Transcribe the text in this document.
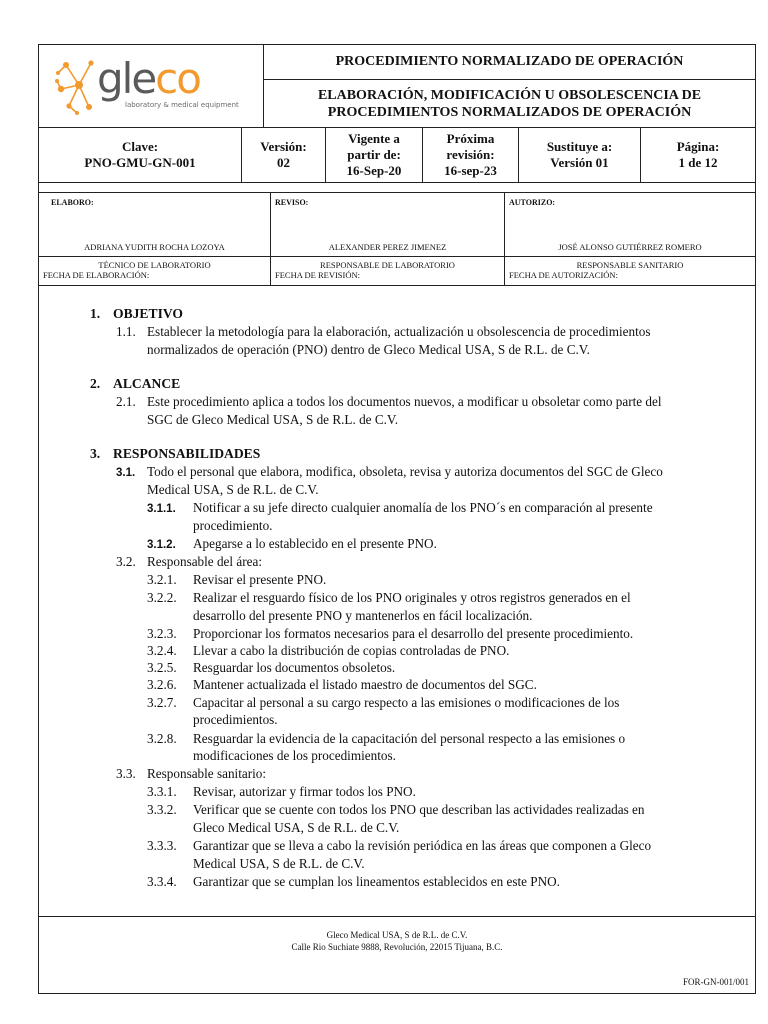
gleco
laboratory & medical equipment
PROCEDIMIENTO NORMALIZADO DE OPERACIÓN
ELABORACIÓN, MODIFICACIÓN U OBSOLESCENCIA DE
PROCEDIMIENTOS NORMALIZADOS DE OPERACIÓN
Clave:
PNO-GMU-GN-001
Versión:
02
Vigente a
partir de:
16-Sep-20
Próxima
revisión:
16-sep-23
Sustituye a:
Versión 01
Página:
1 de 12
ELABORO:
ADRIANA YUDITH ROCHA LOZOYA
REVISO:
ALEXANDER PEREZ JIMENEZ
AUTORIZO:
JOSÉ ALONSO GUTIÉRREZ ROMERO
TÉCNICO DE LABORATORIO
FECHA DE ELABORACIÓN:
RESPONSABLE DE LABORATORIO
FECHA DE REVISIÓN:
RESPONSABLE SANITARIO
FECHA DE AUTORIZACIÓN:
1. OBJETIVO
1.1. Establecer la metodología para la elaboración, actualización u obsolescencia de procedimientos
normalizados de operación (PNO) dentro de Gleco Medical USA, S de R.L. de C.V.
2. ALCANCE
2.1. Este procedimiento aplica a todos los documentos nuevos, a modificar u obsoletar como parte del
SGC de Gleco Medical USA, S de R.L. de C.V.
3. RESPONSABILIDADES
3.1. Todo el personal que elabora, modifica, obsoleta, revisa y autoriza documentos del SGC de Gleco
Medical USA, S de R.L. de C.V.
3.1.1. Notificar a su jefe directo cualquier anomalía de los PNO´s en comparación al presente
procedimiento.
3.1.2. Apegarse a lo establecido en el presente PNO.
3.2. Responsable del área:
3.2.1. Revisar el presente PNO.
3.2.2. Realizar el resguardo físico de los PNO originales y otros registros generados en el
desarrollo del presente PNO y mantenerlos en fácil localización.
3.2.3. Proporcionar los formatos necesarios para el desarrollo del presente procedimiento.
3.2.4. Llevar a cabo la distribución de copias controladas de PNO.
3.2.5. Resguardar los documentos obsoletos.
3.2.6. Mantener actualizada el listado maestro de documentos del SGC.
3.2.7. Capacitar al personal a su cargo respecto a las emisiones o modificaciones de los
procedimientos.
3.2.8. Resguardar la evidencia de la capacitación del personal respecto a las emisiones o
modificaciones de los procedimientos.
3.3. Responsable sanitario:
3.3.1. Revisar, autorizar y firmar todos los PNO.
3.3.2. Verificar que se cuente con todos los PNO que describan las actividades realizadas en
Gleco Medical USA, S de R.L. de C.V.
3.3.3. Garantizar que se lleva a cabo la revisión periódica en las áreas que componen a Gleco
Medical USA, S de R.L. de C.V.
3.3.4. Garantizar que se cumplan los lineamentos establecidos en este PNO.
Gleco Medical USA, S de R.L. de C.V.
Calle Rio Suchiate 9888, Revolución, 22015 Tijuana, B.C.
FOR-GN-001/001
